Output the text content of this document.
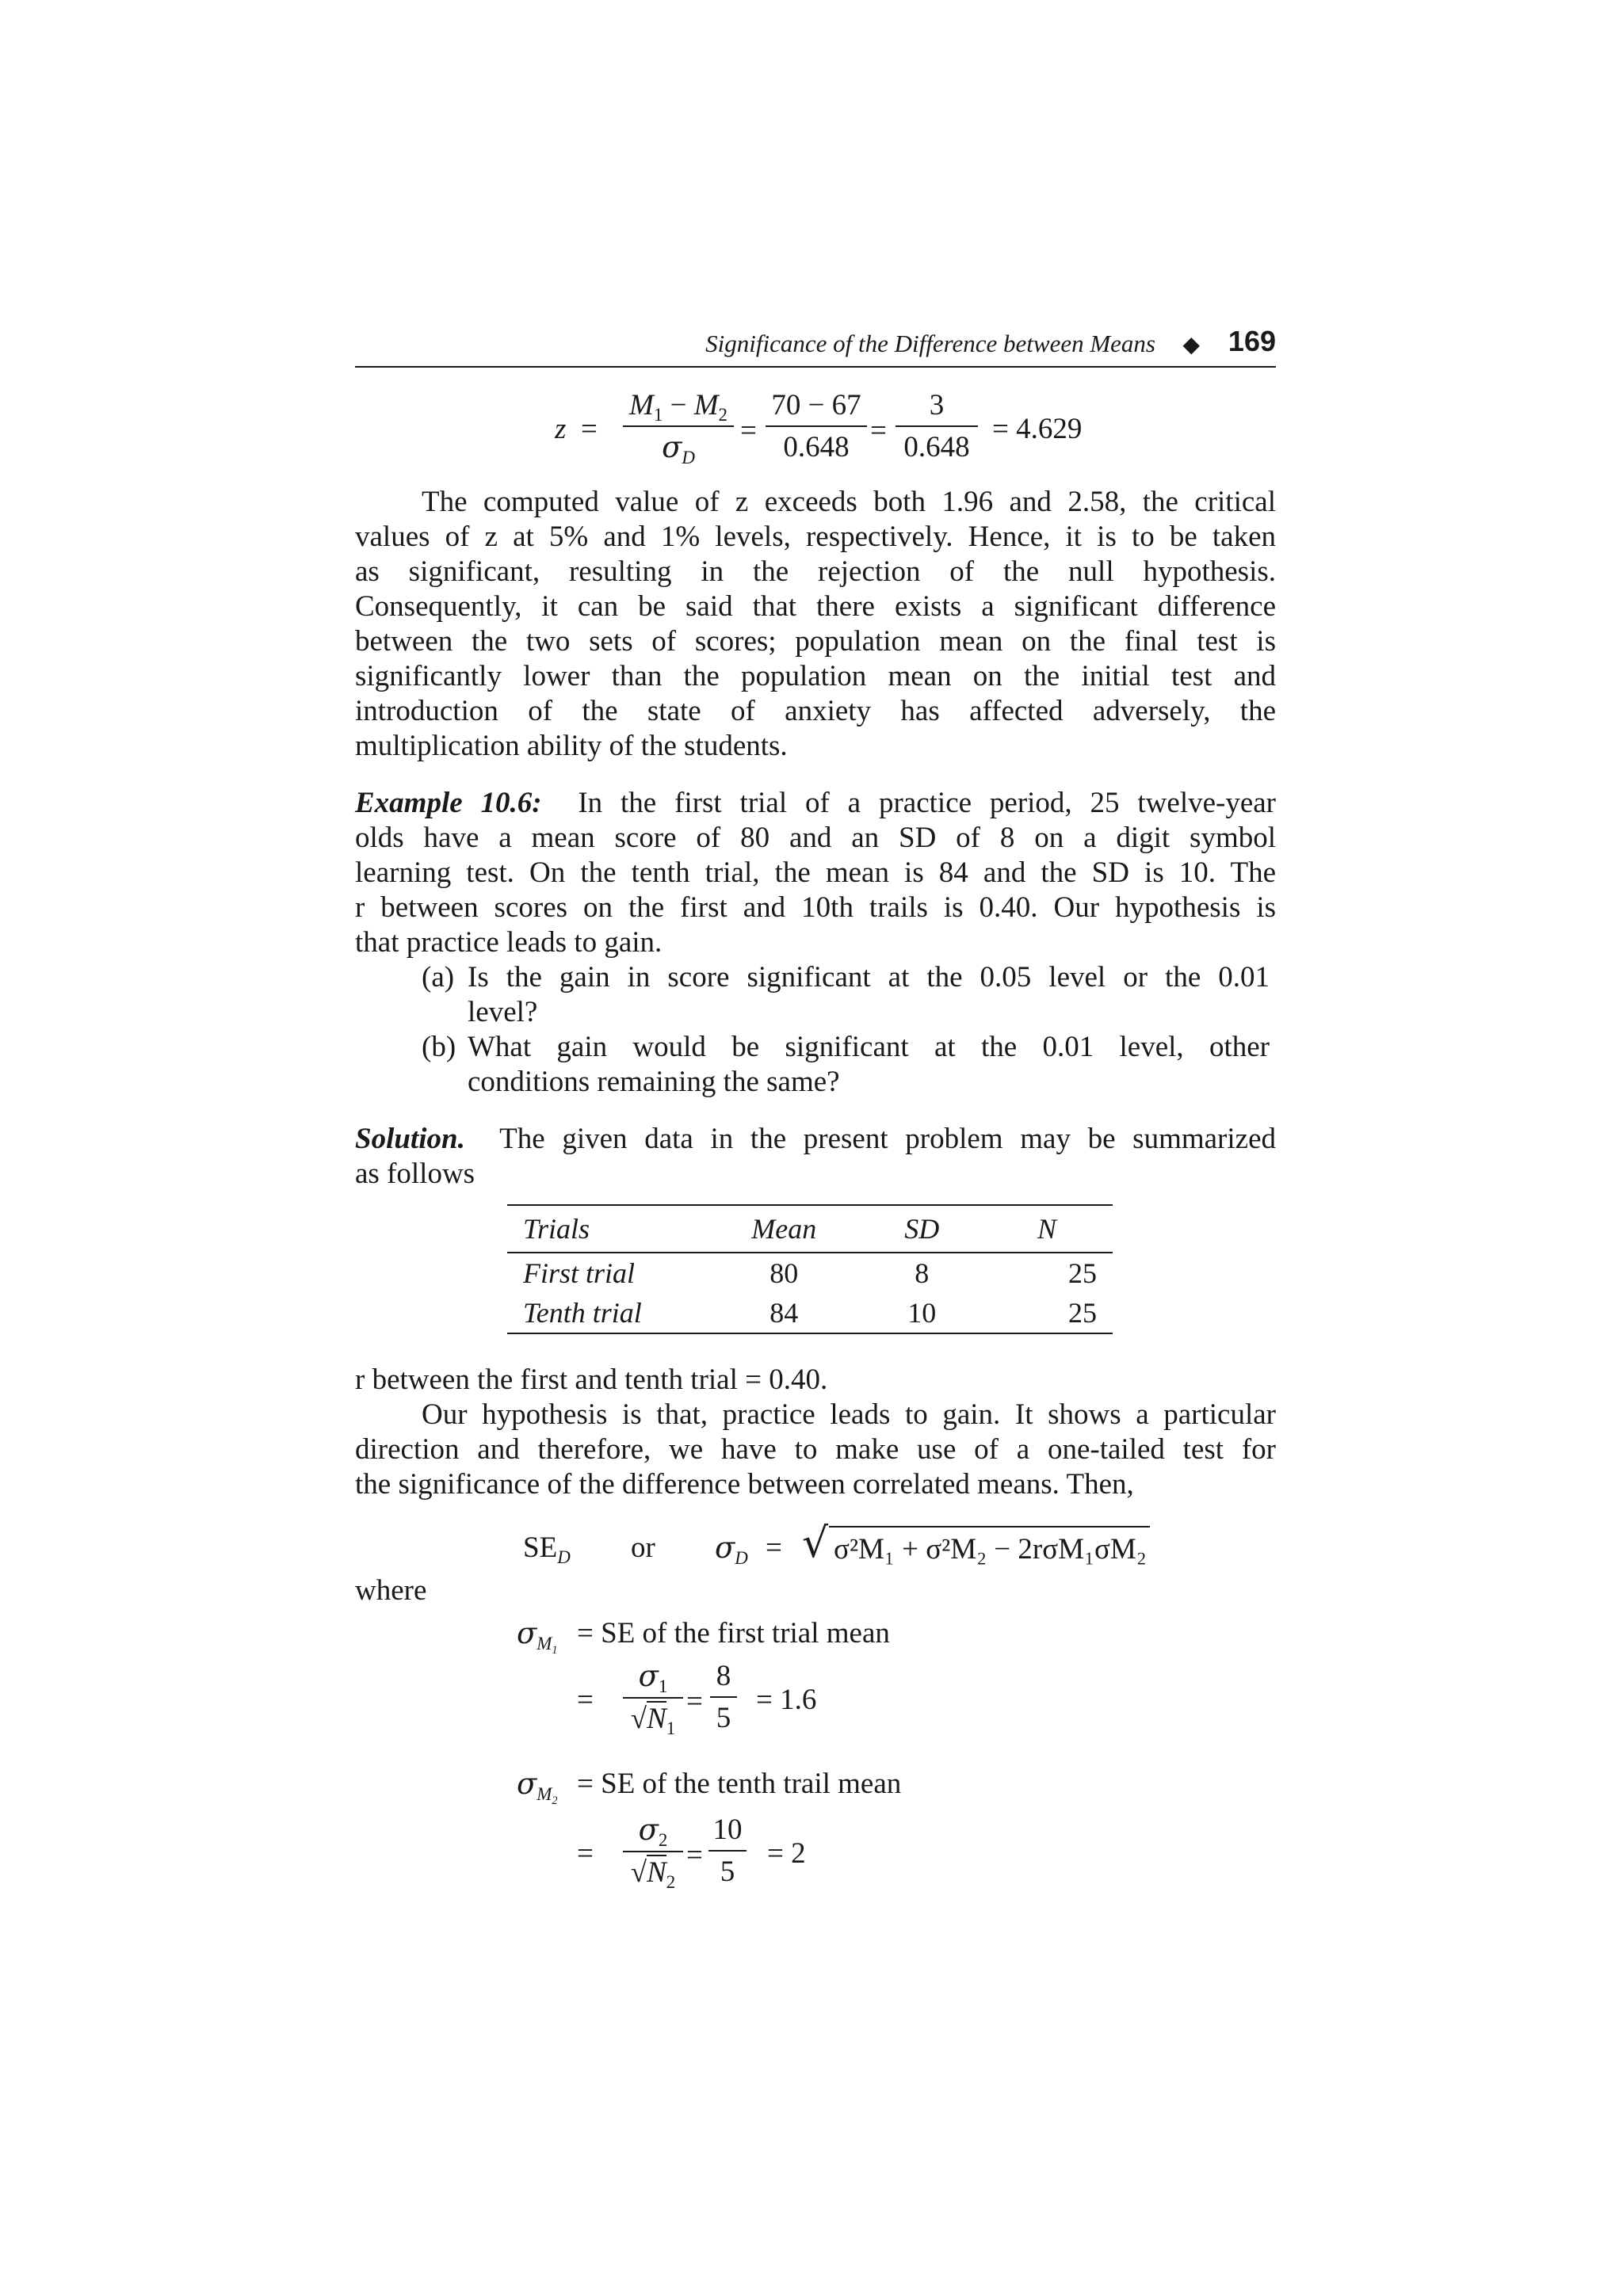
Significance of the Difference between Means ◆ 169
$z = \frac{M_1 - M_2}{\sigma_D} = \frac{70 - 67}{0.648} = \frac{3}{0.648} = 4.629$
The computed value of z exceeds both 1.96 and 2.58, the critical
values of z at 5% and 1% levels, respectively. Hence, it is to be taken
as significant, resulting in the rejection of the null hypothesis.
Consequently, it can be said that there exists a significant difference
between the two sets of scores; population mean on the final test is
significantly lower than the population mean on the initial test and
introduction of the state of anxiety has affected adversely, the
multiplication ability of the students.
Example 10.6: In the first trial of a practice period, 25 twelve-year
olds have a mean score of 80 and an SD of 8 on a digit symbol
learning test. On the tenth trial, the mean is 84 and the SD is 10. The
r between scores on the first and 10th trails is 0.40. Our hypothesis is
that practice leads to gain.
(a) Is the gain in score significant at the 0.05 level or the 0.01
level?
(b) What gain would be significant at the 0.01 level, other
conditions remaining the same?
Solution. The given data in the present problem may be summarized
as follows
Trials	Mean	SD	N
First trial	80	8	25
Tenth trial	84	10	25
r between the first and tenth trial = 0.40.
Our hypothesis is that, practice leads to gain. It shows a particular
direction and therefore, we have to make use of a one-tailed test for
the significance of the difference between correlated means. Then,
$SE_D$ or $\sigma_D$ = √ σ²M₁ + σ²M₂ − 2rσM₁σM₂
where
$\sigma_{M_1}$
= SE of the first trial mean
= $\frac{\sigma_1}{√N_1} = \frac{8}{5} = 1.6$
$\sigma_{M_2}$
= SE of the tenth trail mean
= $\frac{\sigma_2}{√N_2} = \frac{10}{5} = 2$
